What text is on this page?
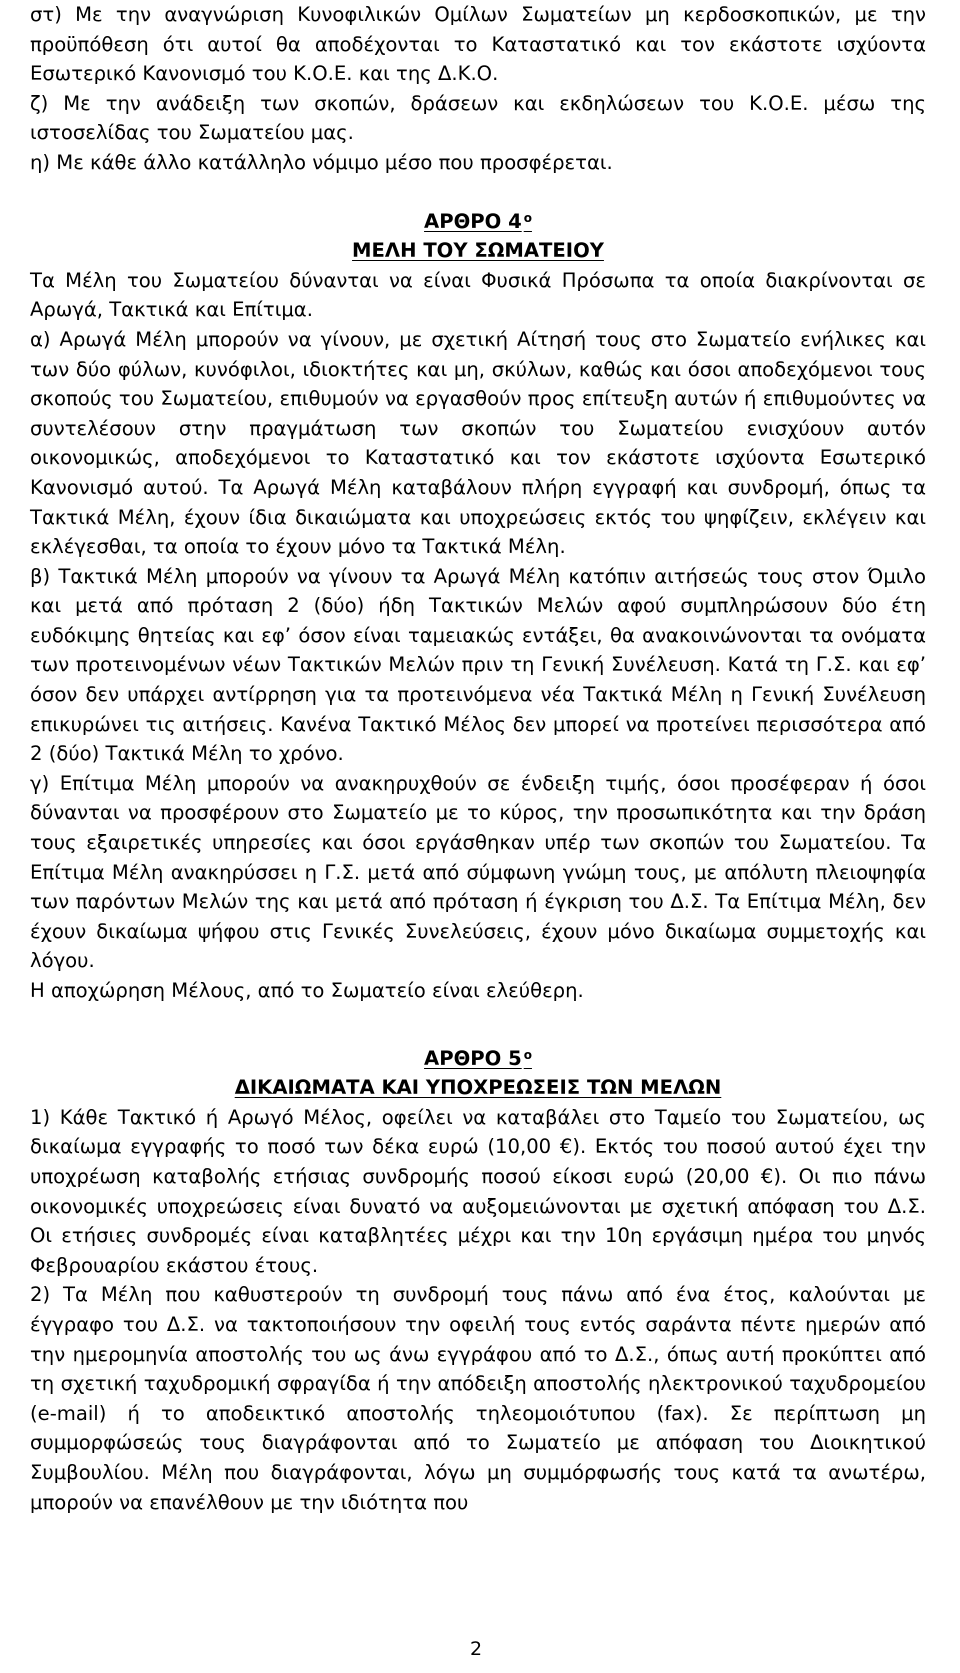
στ) Με την αναγνώριση Κυνοφιλικών Ομίλων Σωματείων μη κερδοσκοπικών, με την προϋπόθεση ότι αυτοί θα αποδέχονται το Καταστατικό και τον εκάστοτε ισχύοντα Εσωτερικό Κανονισμό του Κ.Ο.Ε. και της Δ.Κ.Ο.

ζ) Με την ανάδειξη των σκοπών, δράσεων και εκδηλώσεων του Κ.Ο.Ε. μέσω της ιστοσελίδας του Σωματείου μας.

η) Με κάθε άλλο κατάλληλο νόμιμο μέσο που προσφέρεται.

ΑΡΘΡΟ 4 $^o$
ΜΕΛΗ ΤΟΥ ΣΩΜΑΤΕΙΟΥ

Τα Μέλη του Σωματείου δύνανται να είναι Φυσικά Πρόσωπα τα οποία διακρίνονται σε Αρωγά, Τακτικά και Επίτιμα.

α) Αρωγά Μέλη μπορούν να γίνουν, με σχετική Αίτησή τους στο Σωματείο ενήλικες και των δύο φύλων, κυνόφιλοι, ιδιοκτήτες και μη, σκύλων, καθώς και όσοι αποδεχόμενοι τους σκοπούς του Σωματείου, επιθυμούν να εργασθούν προς επίτευξη αυτών ή επιθυμούντες να συντελέσουν στην πραγμάτωση των σκοπών του Σωματείου ενισχύουν αυτόν οικονομικώς, αποδεχόμενοι το Καταστατικό και τον εκάστοτε ισχύοντα Εσωτερικό Κανονισμό αυτού. Τα Αρωγά Μέλη καταβάλουν πλήρη εγγραφή και συνδρομή, όπως τα Τακτικά Μέλη, έχουν ίδια δικαιώματα και υποχρεώσεις εκτός του ψηφίζειν, εκλέγειν και εκλέγεσθαι, τα οποία το έχουν μόνο τα Τακτικά Μέλη.

β) Τακτικά Μέλη μπορούν να γίνουν τα Αρωγά Μέλη κατόπιν αιτήσεώς τους στον Όμιλο και μετά από πρόταση 2 (δύο) ήδη Τακτικών Μελών αφού συμπληρώσουν δύο έτη ευδόκιμης θητείας και εφ’ όσον είναι ταμειακώς εντάξει, θα ανακοινώνονται τα ονόματα των προτεινομένων νέων Τακτικών Μελών πριν τη Γενική Συνέλευση. Κατά τη Γ.Σ. και εφ’ όσον δεν υπάρχει αντίρρηση για τα προτεινόμενα νέα Τακτικά Μέλη η Γενική Συνέλευση επικυρώνει τις αιτήσεις. Κανένα Τακτικό Μέλος δεν μπορεί να προτείνει περισσότερα από 2 (δύο) Τακτικά Μέλη το χρόνο.

γ) Επίτιμα Μέλη μπορούν να ανακηρυχθούν σε ένδειξη τιμής, όσοι προσέφεραν ή όσοι δύνανται να προσφέρουν στο Σωματείο με το κύρος, την προσωπικότητα και την δράση τους εξαιρετικές υπηρεσίες και όσοι εργάσθηκαν υπέρ των σκοπών του Σωματείου. Τα Επίτιμα Μέλη ανακηρύσσει η Γ.Σ. μετά από σύμφωνη γνώμη τους, με απόλυτη πλειοψηφία των παρόντων Μελών της και μετά από πρόταση ή έγκριση του Δ.Σ. Τα Επίτιμα Μέλη, δεν έχουν δικαίωμα ψήφου στις Γενικές Συνελεύσεις, έχουν μόνο δικαίωμα συμμετοχής και λόγου.

Η αποχώρηση Μέλους, από το Σωματείο είναι ελεύθερη.

ΑΡΘΡΟ 5 $^o$
ΔΙΚΑΙΩΜΑΤΑ ΚΑΙ ΥΠΟΧΡΕΩΣΕΙΣ ΤΩΝ ΜΕΛΩΝ

1) Κάθε Τακτικό ή Αρωγό Μέλος, οφείλει να καταβάλει στο Ταμείο του Σωματείου, ως δικαίωμα εγγραφής το ποσό των δέκα ευρώ (10,00 €). Εκτός του ποσού αυτού έχει την υποχρέωση καταβολής ετήσιας συνδρομής ποσού είκοσι ευρώ (20,00 €). Οι πιο πάνω οικονομικές υποχρεώσεις είναι δυνατό να αυξομειώνονται με σχετική απόφαση του Δ.Σ. Οι ετήσιες συνδρομές είναι καταβλητέες μέχρι και την 10η εργάσιμη ημέρα του μηνός Φεβρουαρίου εκάστου έτους.

2) Τα Μέλη που καθυστερούν τη συνδρομή τους πάνω από ένα έτος, καλούνται με έγγραφο του Δ.Σ. να τακτοποιήσουν την οφειλή τους εντός σαράντα πέντε ημερών από την ημερομηνία αποστολής του ως άνω εγγράφου από το Δ.Σ., όπως αυτή προκύπτει από τη σχετική ταχυδρομική σφραγίδα ή την απόδειξη αποστολής ηλεκτρονικού ταχυδρομείου (e-mail) ή το αποδεικτικό αποστολής τηλεομοιότυπου (fax). Σε περίπτωση μη συμμορφώσεώς τους διαγράφονται από το Σωματείο με απόφαση του Διοικητικού Συμβουλίου. Μέλη που διαγράφονται, λόγω μη συμμόρφωσής τους κατά τα ανωτέρω, μπορούν να επανέλθουν με την ιδιότητα που

2
